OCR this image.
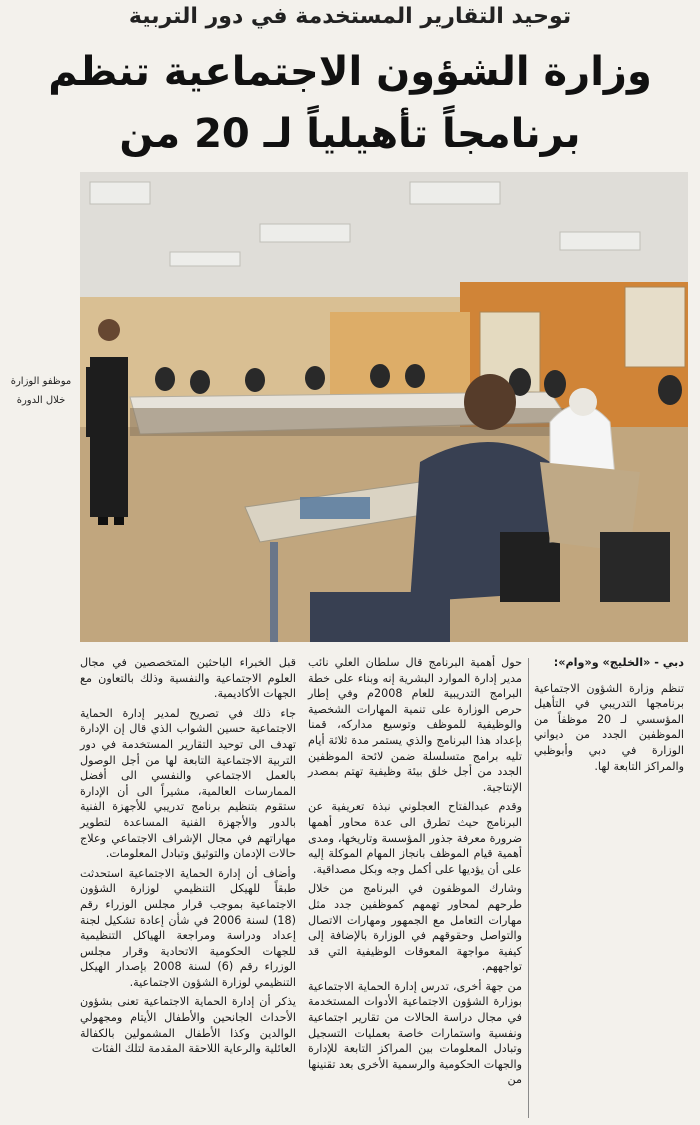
توحيد التقارير المستخدمة في دور التربية
وزارة الشؤون الاجتماعية تنظم
برنامجاً تأهيلياً لـ 20 من
موظفو الوزارة خلال الدورة

دبي - «الخليج» و«وام»:

تنظم وزارة الشؤون الاجتماعية برنامجها التدريبي في التأهيل المؤسسي لـ 20 موظفاً من الموظفين الجدد من ديواني الوزارة في دبي وأبوظبي والمراكز التابعة لها.

حول أهمية البرنامج قال سلطان العلي نائب مدير إدارة الموارد البشرية إنه وبناء على خطة البرامج التدريبية للعام 2008م وفي إطار حرص الوزارة على تنمية المهارات الشخصية والوظيفية للموظف وتوسيع مداركه، قمنا بإعداد هذا البرنامج والذي يستمر مدة ثلاثة أيام تليه برامج متسلسلة ضمن لائحة الموظفين الجدد من أجل خلق بيئة وظيفية تهتم بمصدر الإنتاجية.

وقدم عبدالفتاح العجلوني نبذة تعريفية عن البرنامج حيث تطرق الى عدة محاور أهمها ضرورة معرفة جذور المؤسسة وتاريخها، ومدى أهمية قيام الموظف بانجاز المهام الموكلة إليه على أن يؤديها على أكمل وجه وبكل مصداقية.

وشارك الموظفون في البرنامج من خلال طرحهم لمحاور تهمهم كموظفين جدد مثل مهارات التعامل مع الجمهور ومهارات الاتصال والتواصل وحقوقهم في الوزارة بالإضافة إلى كيفية مواجهة المعوقات الوظيفية التي قد تواجههم.

من جهة أخرى، تدرس إدارة الحماية الاجتماعية بوزارة الشؤون الاجتماعية الأدوات المستخدمة في مجال دراسة الحالات من تقارير اجتماعية ونفسية واستمارات خاصة بعمليات التسجيل وتبادل المعلومات بين المراكز التابعة للإدارة والجهات الحكومية والرسمية الأخرى بعد تقنينها من

قبل الخبراء الباحثين المتخصصين في مجال العلوم الاجتماعية والنفسية وذلك بالتعاون مع الجهات الأكاديمية.

جاء ذلك في تصريح لمدير إدارة الحماية الاجتماعية حسين الشواب الذي قال إن الإدارة تهدف الى توحيد التقارير المستخدمة في دور التربية الاجتماعية التابعة لها من أجل الوصول بالعمل الاجتماعي والنفسي الى أفضل الممارسات العالمية، مشيراً الى أن الإدارة ستقوم بتنظيم برنامج تدريبي للأجهزة الفنية بالدور والأجهزة الفنية المساعدة لتطوير مهاراتهم في مجال الإشراف الاجتماعي وعلاج حالات الإدمان والتوثيق وتبادل المعلومات.

وأضاف أن إدارة الحماية الاجتماعية استحدثت طبقاً للهيكل التنظيمي لوزارة الشؤون الاجتماعية بموجب قرار مجلس الوزراء رقم (18) لسنة 2006 في شأن إعادة تشكيل لجنة إعداد ودراسة ومراجعة الهياكل التنظيمية للجهات الحكومية الاتحادية وقرار مجلس الوزراء رقم (6) لسنة 2008 بإصدار الهيكل التنظيمي لوزارة الشؤون الاجتماعية.

يذكر أن إدارة الحماية الاجتماعية تعنى بشؤون الأحداث الجانحين والأطفال الأيتام ومجهولي الوالدين وكذا الأطفال المشمولين بالكفالة العائلية والرعاية اللاحقة المقدمة لتلك الفئات
